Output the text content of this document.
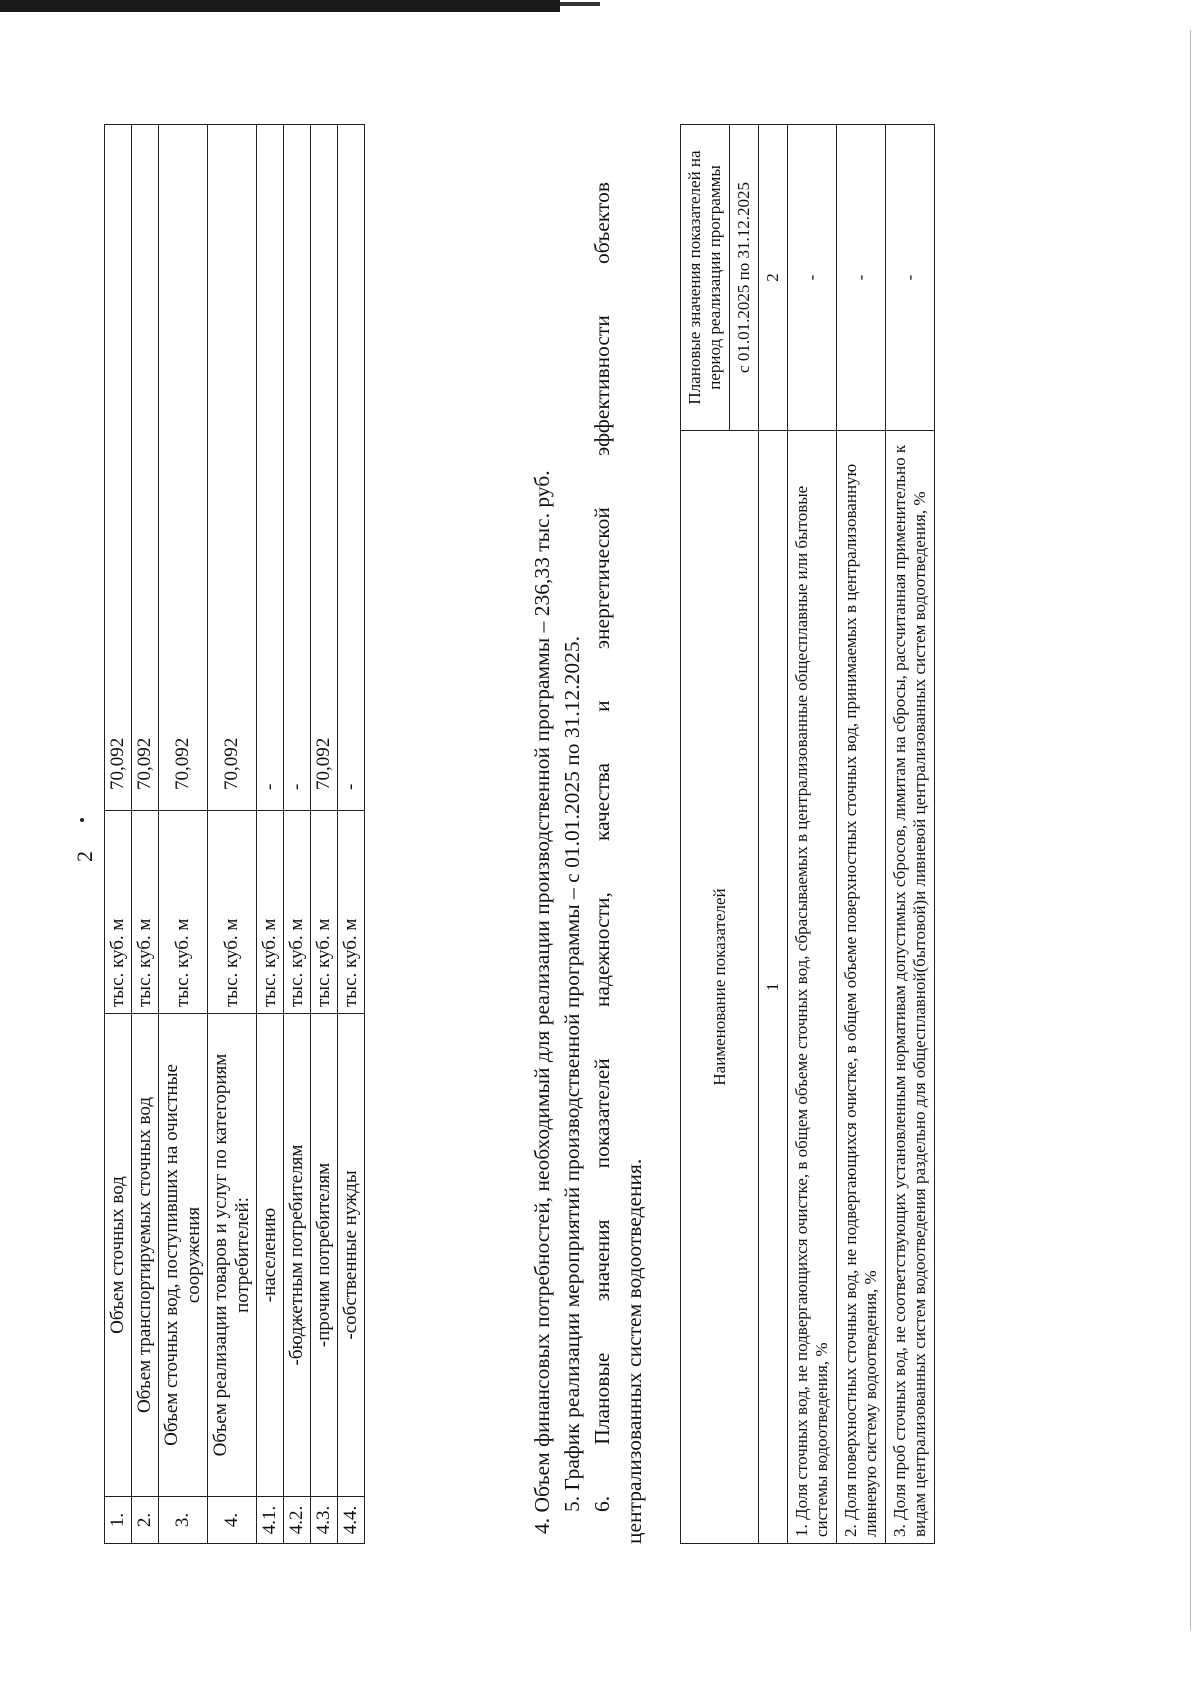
2
1.	Объем сточных вод	тыс. куб. м	70,092
2.	Объем транспортируемых сточных вод	тыс. куб. м	70,092
3.	Объем сточных вод, поступивших на очистные сооружения	тыс. куб. м	70,092
4.	Объем реализации товаров и услуг по категориям потребителей:	тыс. куб. м	70,092
4.1.	-населению	тыс. куб. м	-
4.2.	-бюджетным потребителям	тыс. куб. м	-
4.3.	-прочим потребителям	тыс. куб. м	70,092
4.4.	-собственные нужды	тыс. куб. м	-	4. Объем финансовых потребностей, необходимый для реализации производственной программы – 236,33 тыс. руб. 5. График реализации мероприятий производственной программы – с 01.01.2025 по 31.12.2025. 6.
Плановые
значения
показателей
надежности,
качества
и
энергетической
эффективности
объектов
централизованных систем водоотведения.
Наименование показателей	Плановые значения показателей на период реализации программы
	с 01.01.2025 по 31.12.2025
1	2
1. Доля сточных вод, не подвергающихся очистке, в общем объеме сточных вод, сбрасываемых в централизованные общесплавные или бытовые системы водоотведения, %	-
2. Доля поверхностных сточных вод, не подвергающихся очистке, в общем объеме поверхностных сточных вод, принимаемых в централизованную ливневую систему водоотведения, %	-
3. Доля проб сточных вод, не соответствующих установленным нормативам допустимых сбросов, лимитам на сбросы, рассчитанная применительно к видам централизованных систем водоотведения раздельно для общесплавной(бытовой)и ливневой централизованных систем водоотведения, %	-
